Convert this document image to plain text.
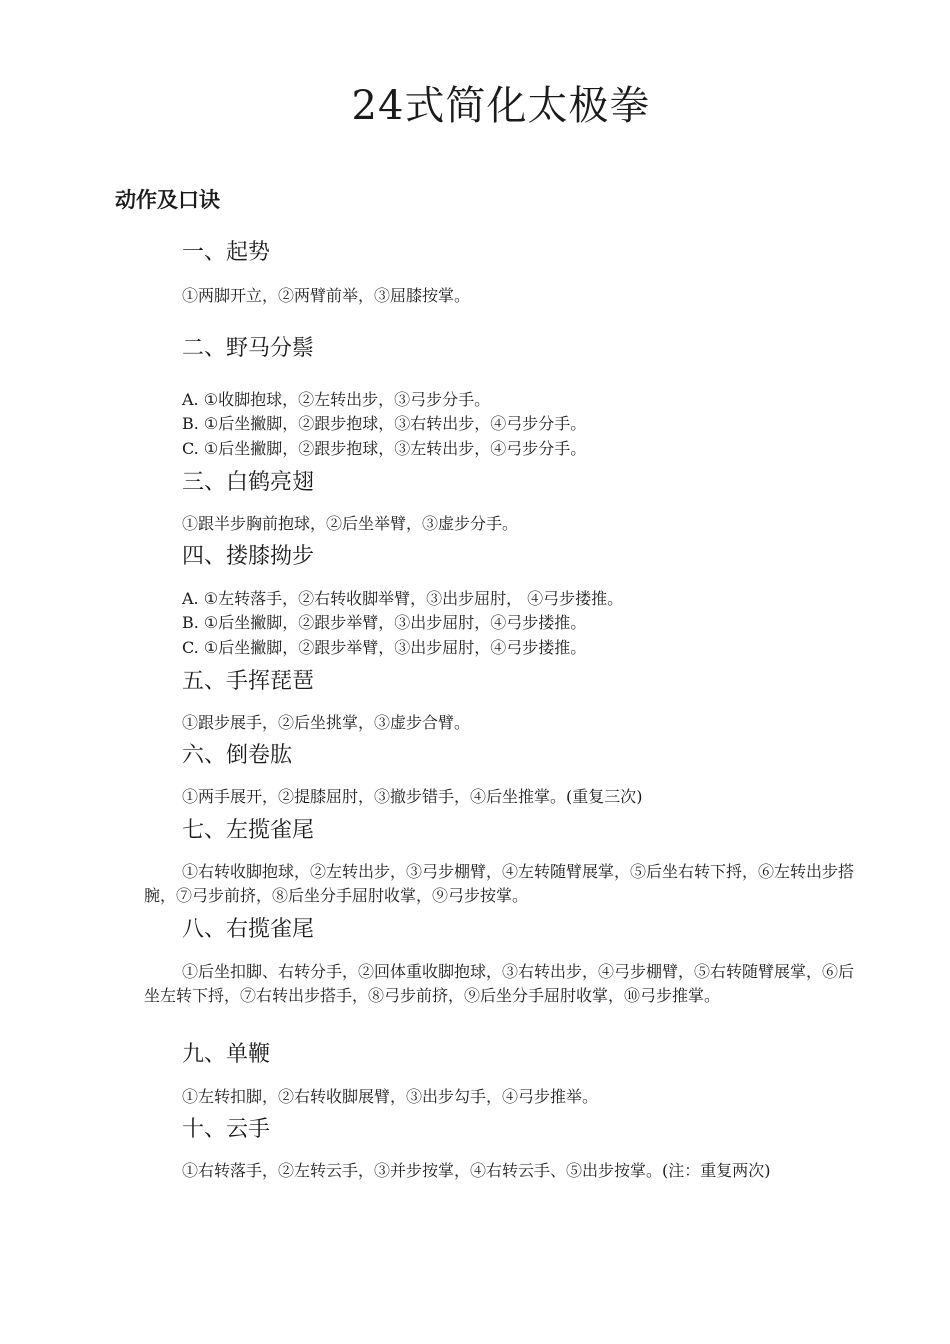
24式简化太极拳
动作及口诀
一、起势
①两脚开立，②两臂前举，③屈膝按掌。
二、野马分鬃
A. ①收脚抱球，②左转出步，③弓步分手。
B. ①后坐撇脚，②跟步抱球，③右转出步，④弓步分手。
C. ①后坐撇脚，②跟步抱球，③左转出步，④弓步分手。
三、白鹤亮翅
①跟半步胸前抱球，②后坐举臂，③虚步分手。
四、搂膝拗步
A. ①左转落手，②右转收脚举臂，③出步屈肘， ④弓步搂推。
B. ①后坐撇脚，②跟步举臂，③出步屈肘，④弓步搂推。
C. ①后坐撇脚，②跟步举臂，③出步屈肘，④弓步搂推。
五、手挥琵琶
①跟步展手，②后坐挑掌，③虚步合臂。
六、倒卷肱
①两手展开，②提膝屈肘，③撤步错手，④后坐推掌。(重复三次)
七、左揽雀尾
①右转收脚抱球，②左转出步，③弓步棚臂，④左转随臂展掌，⑤后坐右转下捋，⑥左转出步搭腕，⑦弓步前挤，⑧后坐分手屈肘收掌，⑨弓步按掌。
八、右揽雀尾
①后坐扣脚、右转分手，②回体重收脚抱球，③右转出步，④弓步棚臂，⑤右转随臂展掌，⑥后坐左转下捋，⑦右转出步搭手，⑧弓步前挤，⑨后坐分手屈肘收掌，⑩弓步推掌。
九、单鞭
①左转扣脚，②右转收脚展臂，③出步勾手，④弓步推举。
十、云手
①右转落手，②左转云手，③并步按掌，④右转云手、⑤出步按掌。(注：重复两次)
